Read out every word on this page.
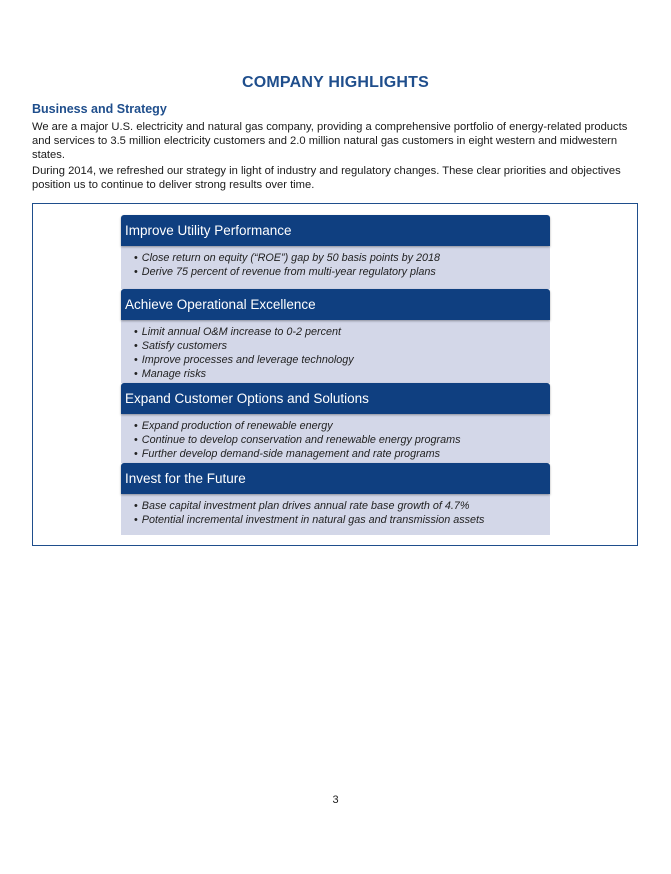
COMPANY HIGHLIGHTS
Business and Strategy

We are a major U.S. electricity and natural gas company, providing a comprehensive portfolio of energy-related products and services to 3.5 million electricity customers and 2.0 million natural gas customers in eight western and midwestern states.

During 2014, we refreshed our strategy in light of industry and regulatory changes. These clear priorities and objectives position us to continue to deliver strong results over time.

Improve Utility Performance
• Close return on equity (“ROE”) gap by 50 basis points by 2018
• Derive 75 percent of revenue from multi-year regulatory plans
Achieve Operational Excellence
• Limit annual O&M increase to 0-2 percent
• Satisfy customers
• Improve processes and leverage technology
• Manage risks
Expand Customer Options and Solutions
• Expand production of renewable energy
• Continue to develop conservation and renewable energy programs
• Further develop demand-side management and rate programs
Invest for the Future
• Base capital investment plan drives annual rate base growth of 4.7%
• Potential incremental investment in natural gas and transmission assets
3
